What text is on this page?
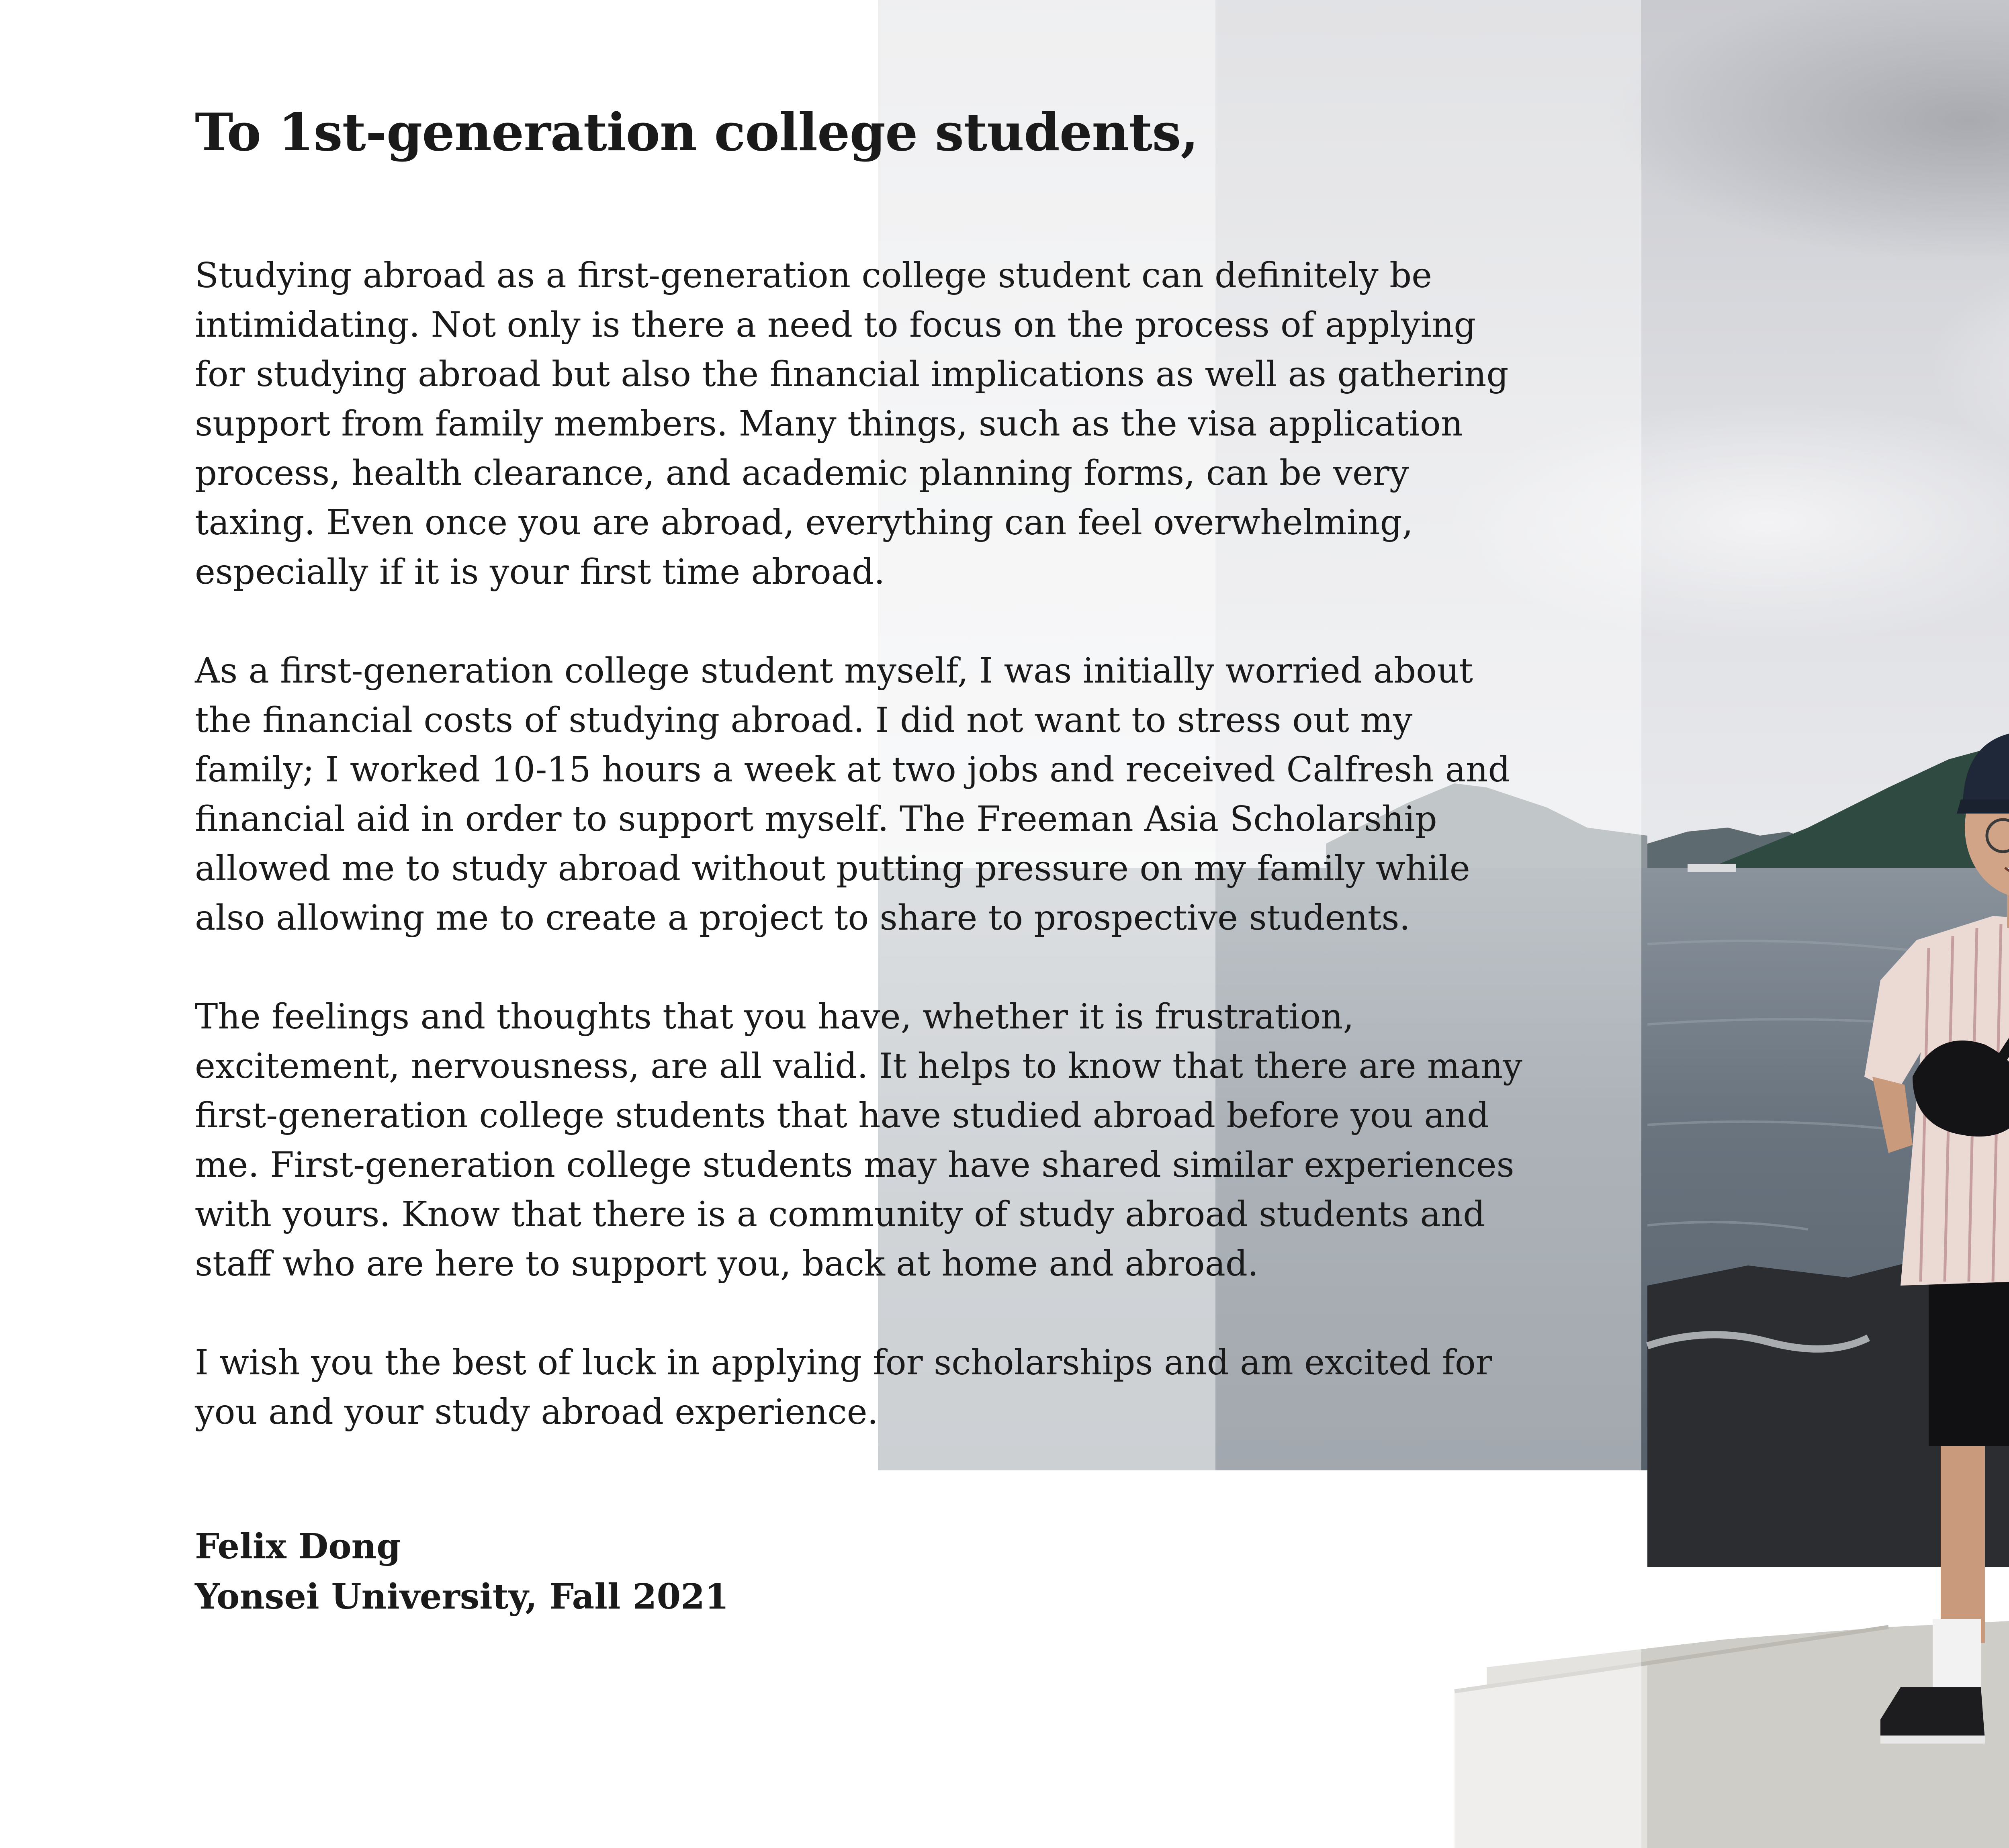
To 1st-generation college students,

Studying abroad as a first-generation college student can definitely be intimidating. Not only is there a need to focus on the process of applying for studying abroad but also the financial implications as well as gathering support from family members. Many things, such as the visa application process, health clearance, and academic planning forms, can be very taxing. Even once you are abroad, everything can feel overwhelming, especially if it is your first time abroad.

As a first-generation college student myself, I was initially worried about the financial costs of studying abroad. I did not want to stress out my family; I worked 10-15 hours a week at two jobs and received Calfresh and financial aid in order to support myself. The Freeman Asia Scholarship allowed me to study abroad without putting pressure on my family while also allowing me to create a project to share to prospective students.

The feelings and thoughts that you have, whether it is frustration, excitement, nervousness, are all valid. It helps to know that there are many first-generation college students that have studied abroad before you and me. First-generation college students may have shared similar experiences with yours. Know that there is a community of study abroad students and staff who are here to support you, back at home and abroad.

I wish you the best of luck in applying for scholarships and am excited for you and your study abroad experience.

Felix Dong
Yonsei University, Fall 2021
